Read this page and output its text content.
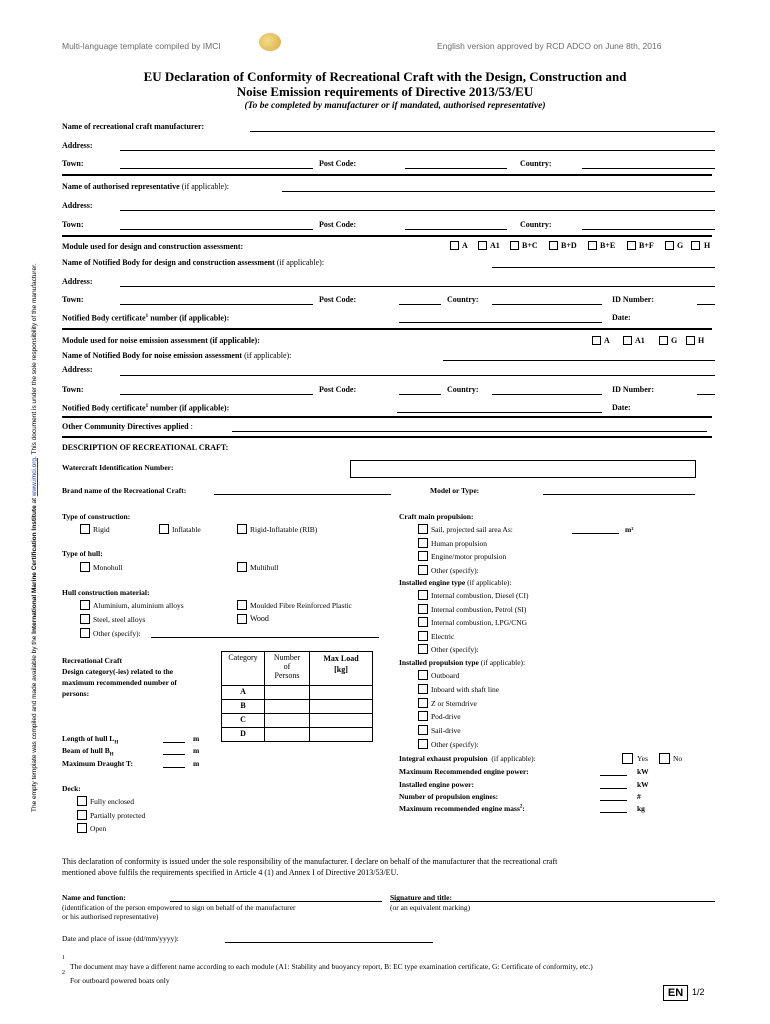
Multi-language template compiled by IMCI	English version approved by RCD ADCO on June 8th, 2016
EU Declaration of Conformity of Recreational Craft with the Design, Construction and
Noise Emission requirements of Directive 2013/53/EU
(To be completed by manufacturer or if mandated, authorised representative)
The empty template was compiled and made available by the International Marine Certification Institute at www.imci.org. This document is under the sole responsibility of the manufacturer.
Name of recreational craft manufacturer:
Address:
Town:	Post Code:	Country:
Name of authorised representative (if applicable):
Address:
Town:	Post Code:	Country:
Module used for design and construction assessment:	A	A1	B+C	B+D	B+E	B+F	G	H
Name of Notified Body for design and construction assessment (if applicable):
Address:
Town:	Post Code:	Country:	ID Number:
Notified Body certificate$^1$ number (if applicable):	Date:
Module used for noise emission assessment (if applicable):	A	A1	G	H
Name of Notified Body for noise emission assessment (if applicable):
Address:
Town:	Post Code:	Country:	ID Number:
Notified Body certificate$^1$ number (if applicable):	Date:
Other Community Directives applied :
DESCRIPTION OF RECREATIONAL CRAFT:
Watercraft Identification Number:
Brand name of the Recreational Craft:	Model or Type:
Type of construction:
Rigid	Inflatable	Rigid-Inflatable (RIB)
Type of hull:
Monohull	Multihull
Hull construction material:
Aluminium, aluminium alloys	Moulded Fibre Reinforced Plastic
Steel, steel alloys	Wood
Other (specify):
Recreational Craft
Design category(-ies) related to the
maximum recommended number of
persons:
Category	Number
of
Persons	Max Load
[kg]
A		
B		
C		
D		
Length of hull $L_H$	m
Beam of hull $B_H$	m
Maximum Draught T:	m
Deck:
Fully enclosed
Partially protected
Open
Craft main propulsion:
Sail, projected sail area As:	m²
Human propulsion
Engine/motor propulsion
Other (specify):
Installed engine type (if applicable):
Internal combustion, Diesel (CI)
Internal combustion, Petrol (SI)
Internal combustion, LPG/CNG
Electric
Other (specify):
Installed propulsion type (if applicable):
Outboard
Inboard with shaft line
Z or Sterndrive
Pod-drive
Sail-drive
Other (specify):
Integral exhaust propulsion (if applicable):	Yes	No
Maximum Recommended engine power:	kW
Installed engine power:	kW
Number of propulsion engines:	#
Maximum recommended engine mass$^2$:	kg
This declaration of conformity is issued under the sole responsibility of the manufacturer. I declare on behalf of the manufacturer that the recreational craft
mentioned above fulfils the requirements specified in Article 4 (1) and Annex I of Directive 2013/53/EU.
Name and function:
(identification of the person empowered to sign on behalf of the manufacturer
or his authorised representative)
Signature and title:
(or an equivalent marking)
Date and place of issue (dd/mm/yyyy):
1
The document may have a different name according to each module (A1: Stability and buoyancy report, B: EC type examination certificate, G: Certificate of conformity, etc.)
2
For outboard powered boats only
EN 1/2
